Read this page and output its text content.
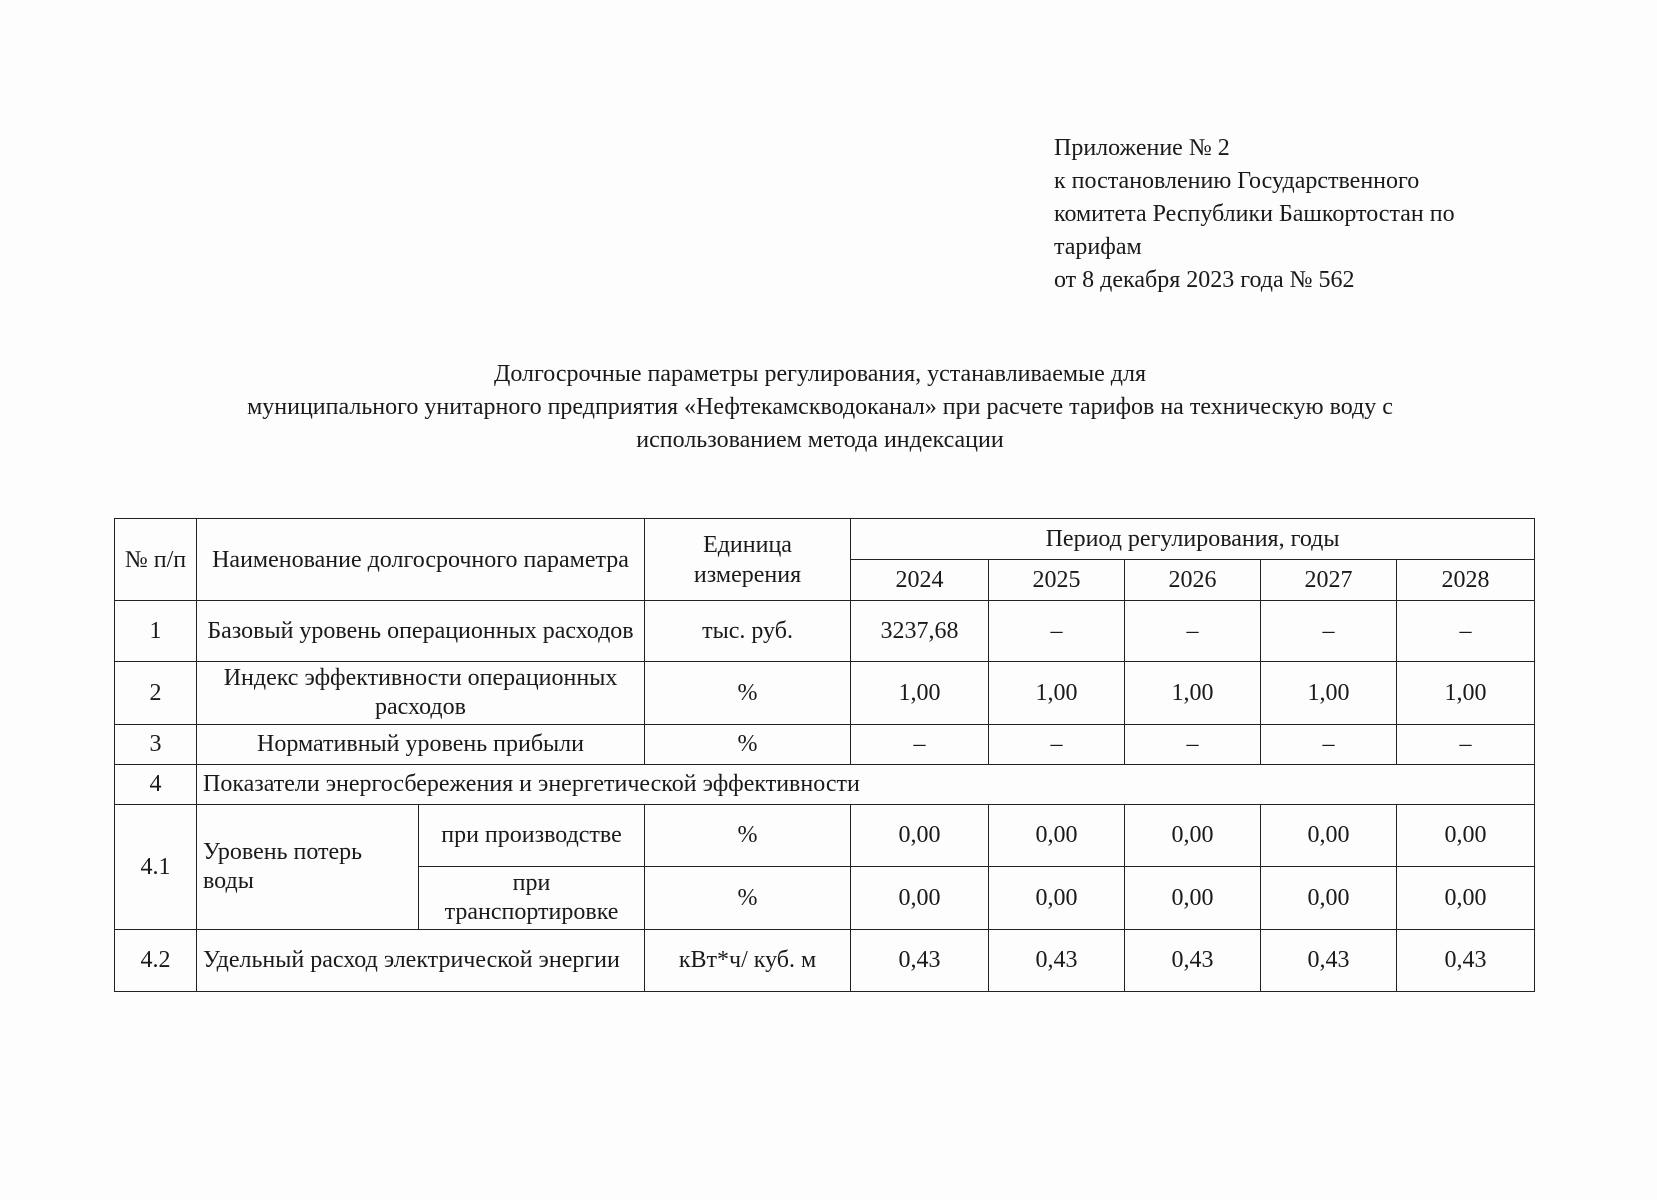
Приложение № 2
к постановлению Государственного
комитета Республики Башкортостан по
тарифам
от 8 декабря 2023 года № 562
Долгосрочные параметры регулирования, устанавливаемые для
муниципального унитарного предприятия «Нефтекамскводоканал» при расчете тарифов на техническую воду с
использованием метода индексации
№ п/п	Наименование долгосрочного параметра		Единица измерения	Период регулирования, годы				
				2024	2025	2026	2027	2028
1	Базовый уровень операционных расходов		тыс. руб.	3237,68	–	–	–	–
2	Индекс эффективности операционных расходов		%	1,00	1,00	1,00	1,00	1,00
3	Нормативный уровень прибыли		%	–	–	–	–	–
4	Показатели энергосбережения и энергетической эффективности							
4.1	Уровень потерь воды	при производстве	%	0,00	0,00	0,00	0,00	0,00
		при транспортировке	%	0,00	0,00	0,00	0,00	0,00
4.2	Удельный расход электрической энергии		кВт*ч/ куб. м	0,43	0,43	0,43	0,43	0,43
